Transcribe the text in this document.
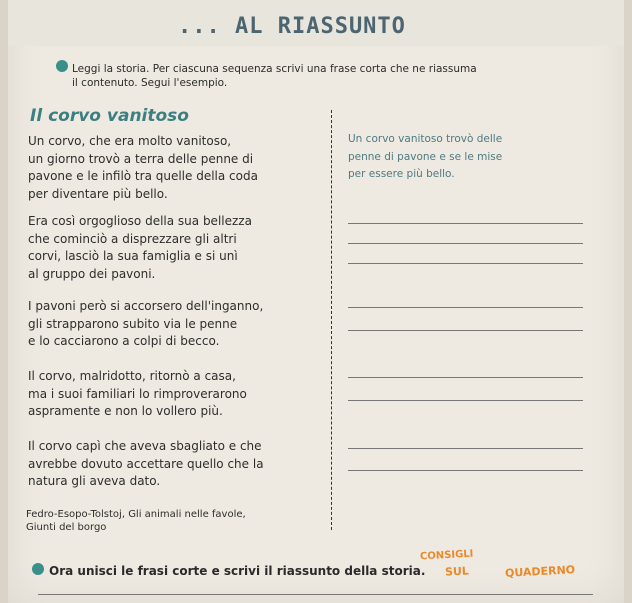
... AL RIASSUNTO
Leggi la storia. Per ciascuna sequenza scrivi una frase corta che ne riassuma
il contenuto. Segui l'esempio.
Il corvo vanitoso
Un corvo, che era molto vanitoso,
un giorno trovò a terra delle penne di
pavone e le infilò tra quelle della coda
per diventare più bello.
Un corvo vanitoso trovò delle
penne di pavone e se le mise
per essere più bello.
Era così orgoglioso della sua bellezza
che cominciò a disprezzare gli altri
corvi, lasciò la sua famiglia e si unì
al gruppo dei pavoni.
I pavoni però si accorsero dell'inganno,
gli strapparono subito via le penne
e lo cacciarono a colpi di becco.
Il corvo, malridotto, ritornò a casa,
ma i suoi familiari lo rimproverarono
aspramente e non lo vollero più.
Il corvo capì che aveva sbagliato e che
avrebbe dovuto accettare quello che la
natura gli aveva dato.
Fedro-Esopo-Tolstoj, Gli animali nelle favole,
Giunti del borgo
CONSIGLI
Ora unisci le frasi corte e scrivi il riassunto della storia. SUL	QUADERNO
